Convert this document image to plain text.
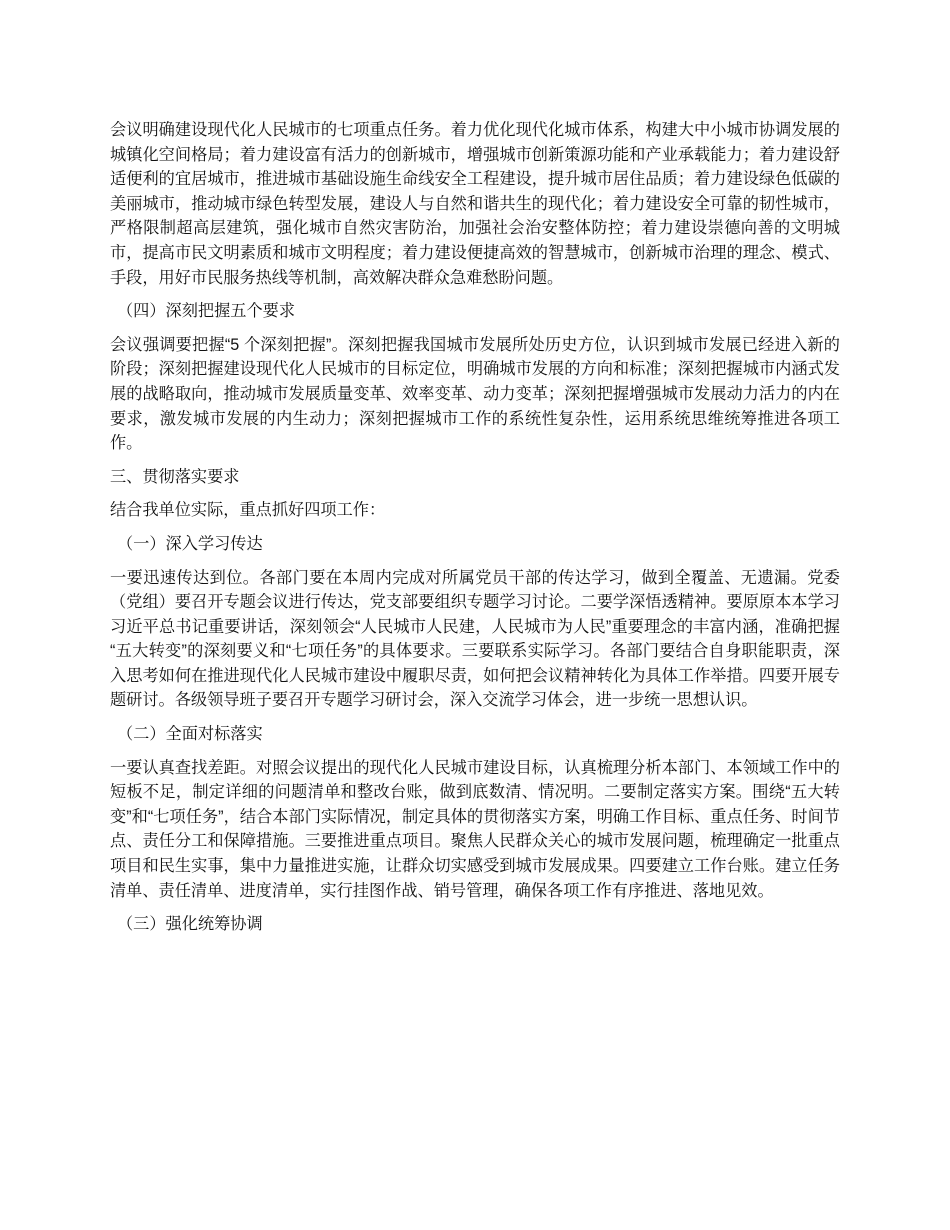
会议明确建设现代化人民城市的七项重点任务。着力优化现代化城市体系，构建大中小城市协调发展的城镇化空间格局；着力建设富有活力的创新城市，增强城市创新策源功能和产业承载能力；着力建设舒适便利的宜居城市，推进城市基础设施生命线安全工程建设，提升城市居住品质；着力建设绿色低碳的美丽城市，推动城市绿色转型发展，建设人与自然和谐共生的现代化；着力建设安全可靠的韧性城市，严格限制超高层建筑，强化城市自然灾害防治，加强社会治安整体防控；着力建设崇德向善的文明城市，提高市民文明素质和城市文明程度；着力建设便捷高效的智慧城市，创新城市治理的理念、模式、手段，用好市民服务热线等机制，高效解决群众急难愁盼问题。

（四）深刻把握五个要求

会议强调要把握“5 个深刻把握”。深刻把握我国城市发展所处历史方位，认识到城市发展已经进入新的阶段；深刻把握建设现代化人民城市的目标定位，明确城市发展的方向和标准；深刻把握城市内涵式发展的战略取向，推动城市发展质量变革、效率变革、动力变革；深刻把握增强城市发展动力活力的内在要求，激发城市发展的内生动力；深刻把握城市工作的系统性复杂性，运用系统思维统筹推进各项工作。

三、贯彻落实要求

结合我单位实际，重点抓好四项工作：

（一）深入学习传达

一要迅速传达到位。各部门要在本周内完成对所属党员干部的传达学习，做到全覆盖、无遗漏。党委（党组）要召开专题会议进行传达，党支部要组织专题学习讨论。二要学深悟透精神。要原原本本学习习近平总书记重要讲话，深刻领会“人民城市人民建，人民城市为人民”重要理念的丰富内涵，准确把握“五大转变”的深刻要义和“七项任务”的具体要求。三要联系实际学习。各部门要结合自身职能职责，深入思考如何在推进现代化人民城市建设中履职尽责，如何把会议精神转化为具体工作举措。四要开展专题研讨。各级领导班子要召开专题学习研讨会，深入交流学习体会，进一步统一思想认识。

（二）全面对标落实

一要认真查找差距。对照会议提出的现代化人民城市建设目标，认真梳理分析本部门、本领域工作中的短板不足，制定详细的问题清单和整改台账，做到底数清、情况明。二要制定落实方案。围绕“五大转变”和“七项任务”，结合本部门实际情况，制定具体的贯彻落实方案，明确工作目标、重点任务、时间节点、责任分工和保障措施。三要推进重点项目。聚焦人民群众关心的城市发展问题，梳理确定一批重点项目和民生实事，集中力量推进实施，让群众切实感受到城市发展成果。四要建立工作台账。建立任务清单、责任清单、进度清单，实行挂图作战、销号管理，确保各项工作有序推进、落地见效。

（三）强化统筹协调
